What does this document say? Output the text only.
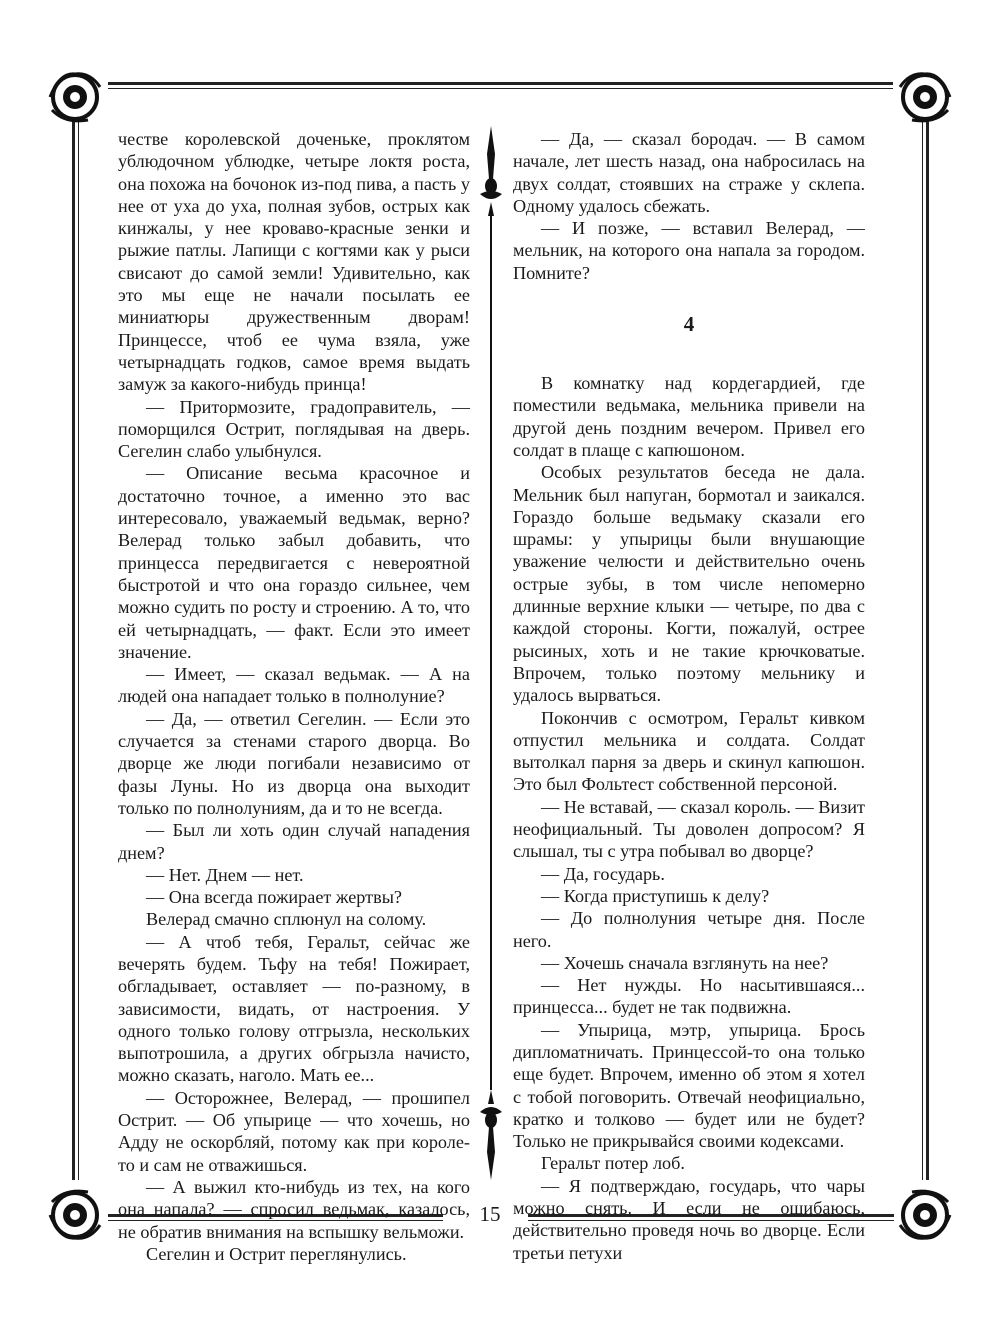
честве королевской доченьке, проклятом ублюдочном ублюдке, четыре локтя роста, она похожа на бочонок из-под пива, а пасть у нее от уха до уха, полная зубов, острых как кинжалы, у нее кроваво-красные зенки и рыжие патлы. Лапищи с когтями как у рыси свисают до самой земли! Удивительно, как это мы еще не начали посылать ее миниатюры дружественным дворам! Принцессе, чтоб ее чума взяла, уже четырнадцать годков, самое время выдать замуж за какого-нибудь принца!

— Притормозите, градоправитель, — поморщился Острит, поглядывая на дверь. Сегелин слабо улыбнулся.

— Описание весьма красочное и достаточно точное, а именно это вас интересовало, уважаемый ведьмак, верно? Велерад только забыл добавить, что принцесса передвигается с невероятной быстротой и что она гораздо сильнее, чем можно судить по росту и строению. А то, что ей четырнадцать, — факт. Если это имеет значение.

— Имеет, — сказал ведьмак. — А на людей она нападает только в полнолуние?

— Да, — ответил Сегелин. — Если это случается за стенами старого дворца. Во дворце же люди погибали независимо от фазы Луны. Но из дворца она выходит только по полнолуниям, да и то не всегда.

— Был ли хоть один случай нападения днем?

— Нет. Днем — нет.

— Она всегда пожирает жертвы?

Велерад смачно сплюнул на солому.

— А чтоб тебя, Геральт, сейчас же вечерять будем. Тьфу на тебя! Пожирает, обгладывает, оставляет — по-разному, в зависимости, видать, от настроения. У одного только голову отгрызла, нескольких выпотрошила, а других обгрызла начисто, можно сказать, наголо. Мать ее...

— Осторожнее, Велерад, — прошипел Острит. — Об упырице — что хочешь, но Адду не оскорбляй, потому как при короле-то и сам не отважишься.

— А выжил кто-нибудь из тех, на кого она напала? — спросил ведьмак, казалось, не обратив внимания на вспышку вельможи.

Сегелин и Острит переглянулись.

— Да, — сказал бородач. — В самом начале, лет шесть назад, она набросилась на двух солдат, стоявших на страже у склепа. Одному удалось сбежать.

— И позже, — вставил Велерад, — мельник, на которого она напала за городом. Помните?

4

В комнатку над кордегардией, где поместили ведьмака, мельника привели на другой день поздним вечером. Привел его солдат в плаще с капюшоном.

Особых результатов беседа не дала. Мельник был напуган, бормотал и заикался. Гораздо больше ведьмаку сказали его шрамы: у упырицы были внушающие уважение челюсти и действительно очень острые зубы, в том числе непомерно длинные верхние клыки — четыре, по два с каждой стороны. Когти, пожалуй, острее рысиных, хоть и не такие крючковатые. Впрочем, только поэтому мельнику и удалось вырваться.

Покончив с осмотром, Геральт кивком отпустил мельника и солдата. Солдат вытолкал парня за дверь и скинул капюшон. Это был Фольтест собственной персоной.

— Не вставай, — сказал король. — Визит неофициальный. Ты доволен допросом? Я слышал, ты с утра побывал во дворце?

— Да, государь.

— Когда приступишь к делу?

— До полнолуния четыре дня. После него.

— Хочешь сначала взглянуть на нее?

— Нет нужды. Но насытившаяся... принцесса... будет не так подвижна.

— Упырица, мэтр, упырица. Брось дипломатничать. Принцессой-то она только еще будет. Впрочем, именно об этом я хотел с тобой поговорить. Отвечай неофициально, кратко и толково — будет или не будет? Только не прикрывайся своими кодексами.

Геральт потер лоб.

— Я подтверждаю, государь, что чары можно снять. И если не ошибаюсь, действительно проведя ночь во дворце. Если третьи петухи

15
